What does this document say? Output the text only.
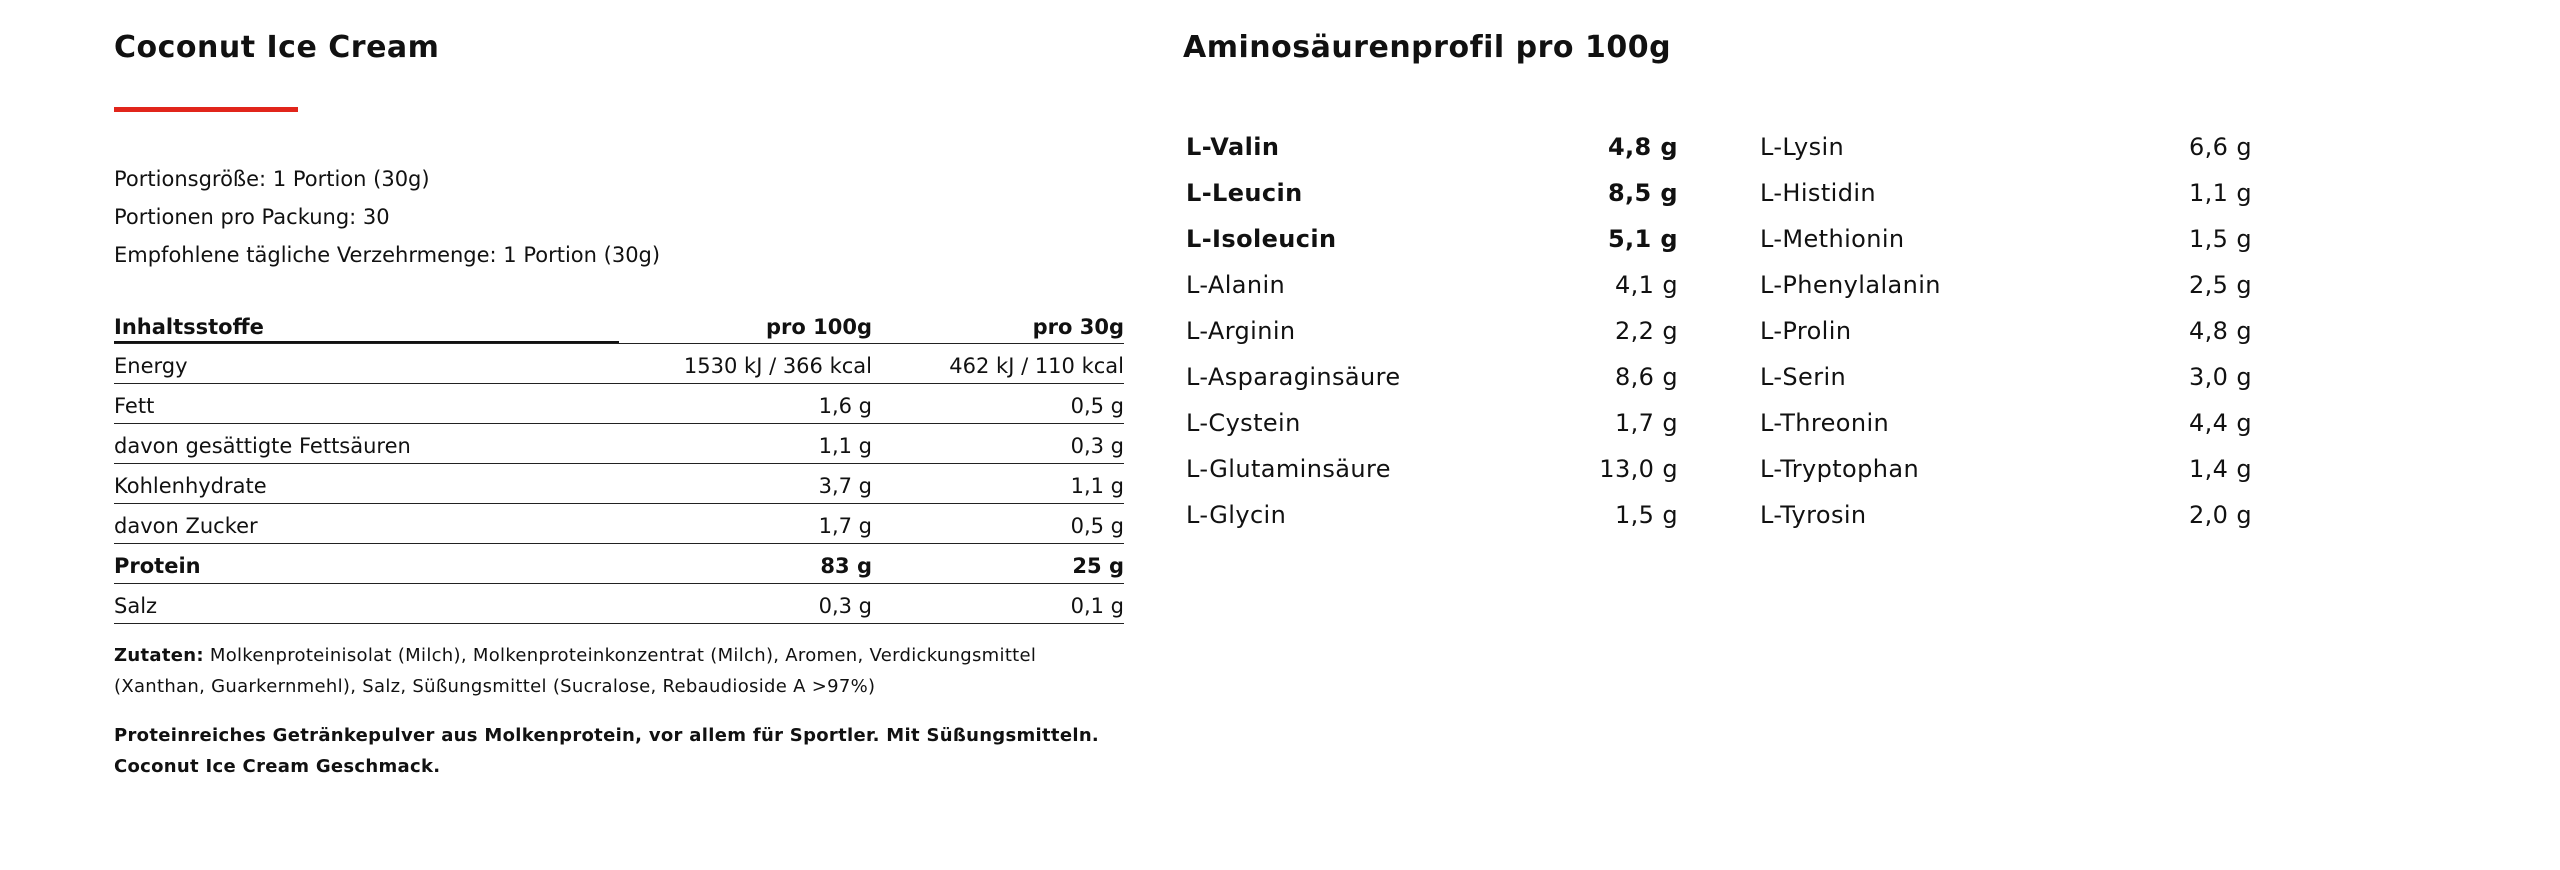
Coconut Ice Cream
Portionsgröße: 1 Portion (30g)
Portionen pro Packung: 30
Empfohlene tägliche Verzehrmenge: 1 Portion (30g)
Inhaltsstoffe	pro 100g	pro 30g
Energy	1530 kJ / 366 kcal	462 kJ / 110 kcal
Fett	1,6 g	0,5 g
davon gesättigte Fettsäuren	1,1 g	0,3 g
Kohlenhydrate	3,7 g	1,1 g
davon Zucker	1,7 g	0,5 g
Protein	83 g	25 g
Salz	0,3 g	0,1 g

Zutaten: Molkenproteinisolat (Milch), Molkenproteinkonzentrat (Milch), Aromen, Verdickungsmittel (Xanthan, Guarkernmehl), Salz, Süßungsmittel (Sucralose, Rebaudioside A >97%)

Proteinreiches Getränkepulver aus Molkenprotein, vor allem für Sportler. Mit Süßungsmitteln.
Coconut Ice Cream Geschmack.
Aminosäurenprofil pro 100g
L-Valin	4,8 g
L-Leucin	8,5 g
L-Isoleucin	5,1 g
L-Alanin	4,1 g
L-Arginin	2,2 g
L-Asparaginsäure	8,6 g
L-Cystein	1,7 g
L-Glutaminsäure	13,0 g
L-Glycin	1,5 g
L-Lysin	6,6 g
L-Histidin	1,1 g
L-Methionin	1,5 g
L-Phenylalanin	2,5 g
L-Prolin	4,8 g
L-Serin	3,0 g
L-Threonin	4,4 g
L-Tryptophan	1,4 g
L-Tyrosin	2,0 g
